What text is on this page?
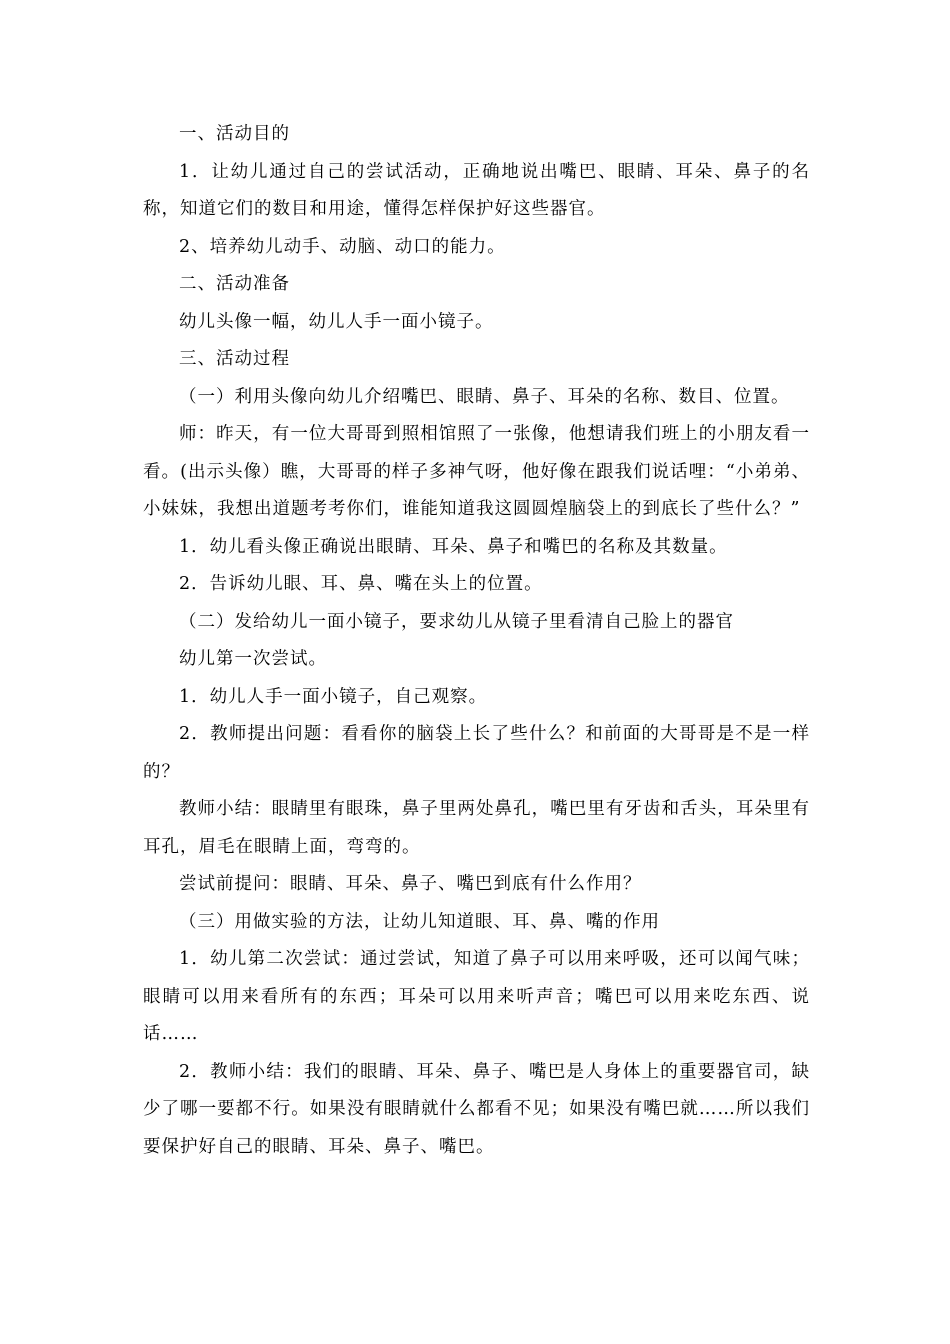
一、活动目的

1．让幼儿通过自己的尝试活动，正确地说出嘴巴、眼睛、耳朵、鼻子的名称，知道它们的数目和用途，懂得怎样保护好这些器官。

2、培养幼儿动手、动脑、动口的能力。

二、活动准备

幼儿头像一幅，幼儿人手一面小镜子。

三、活动过程

（一）利用头像向幼儿介绍嘴巴、眼睛、鼻子、耳朵的名称、数目、位置。

师：昨天，有一位大哥哥到照相馆照了一张像，他想请我们班上的小朋友看一看。(出示头像）瞧，大哥哥的样子多神气呀，他好像在跟我们说话哩：“小弟弟、小妹妹，我想出道题考考你们，谁能知道我这圆圆煌脑袋上的到底长了些什么？”

1．幼儿看头像正确说出眼睛、耳朵、鼻子和嘴巴的名称及其数量。

2．告诉幼儿眼、耳、鼻、嘴在头上的位置。

（二）发给幼儿一面小镜子，要求幼儿从镜子里看清自己脸上的器官

幼儿第一次尝试。

1．幼儿人手一面小镜子，自己观察。

2．教师提出问题：看看你的脑袋上长了些什么？和前面的大哥哥是不是一样的？

教师小结：眼睛里有眼珠，鼻子里两处鼻孔，嘴巴里有牙齿和舌头，耳朵里有耳孔，眉毛在眼睛上面，弯弯的。

尝试前提问：眼睛、耳朵、鼻子、嘴巴到底有什么作用？

（三）用做实验的方法，让幼儿知道眼、耳、鼻、嘴的作用

1．幼儿第二次尝试：通过尝试，知道了鼻子可以用来呼吸，还可以闻气味；眼睛可以用来看所有的东西；耳朵可以用来听声音；嘴巴可以用来吃东西、说话……

2．教师小结：我们的眼睛、耳朵、鼻子、嘴巴是人身体上的重要器官司，缺少了哪一要都不行。如果没有眼睛就什么都看不见；如果没有嘴巴就……所以我们要保护好自己的眼睛、耳朵、鼻子、嘴巴。
